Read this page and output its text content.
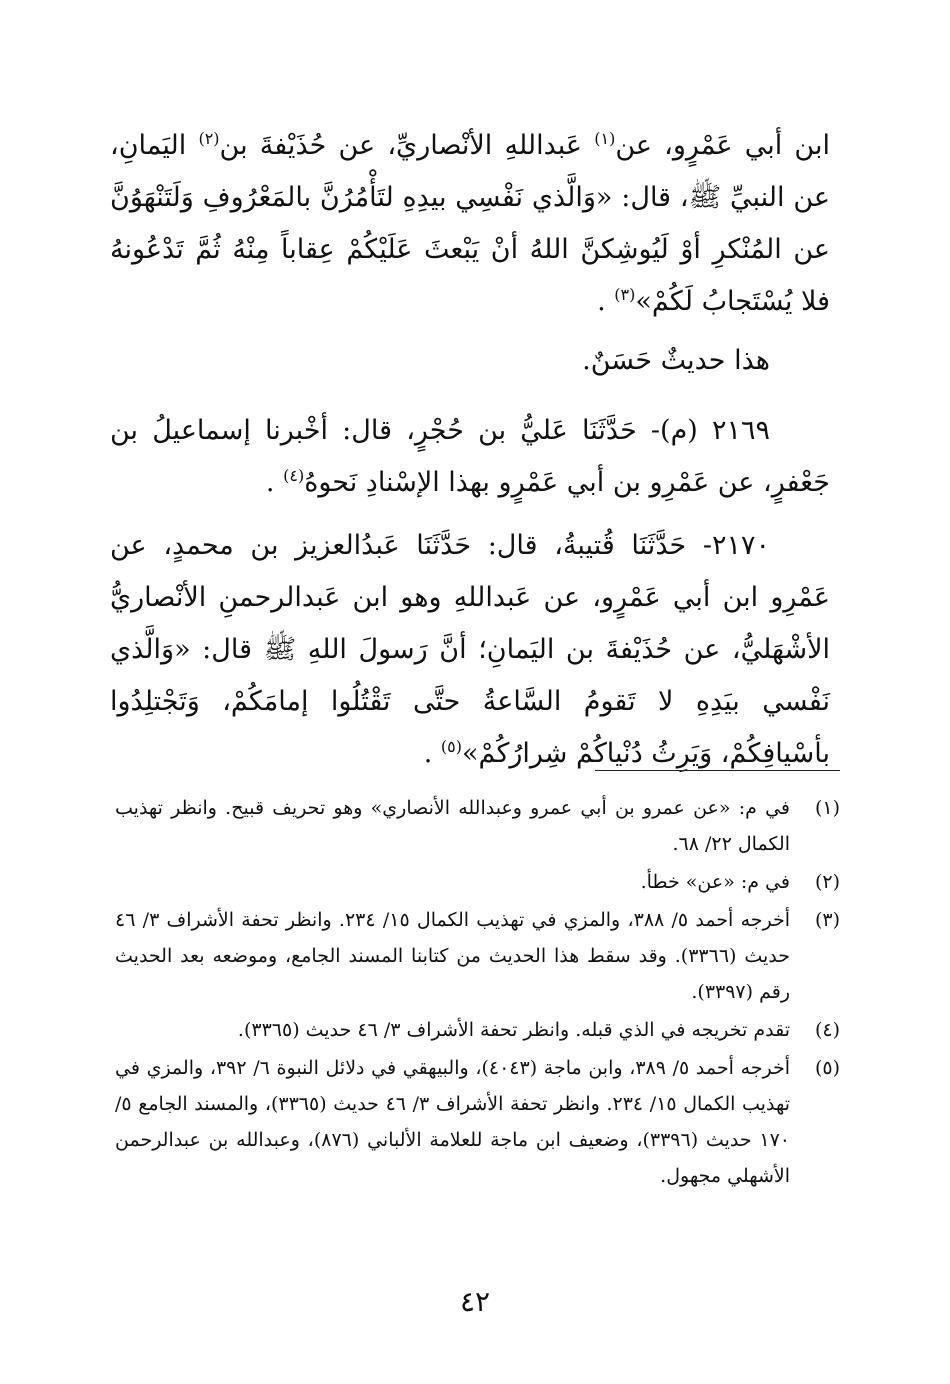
ابن أبي عَمْرٍو، عن$^{(١)}$ عَبداللهِ الأنْصاريِّ، عن حُذَيْفةَ بن$^{(٢)}$ اليَمانِ، عن النبيِّ ﷺ، قال: «وَالَّذي نَفْسِي بيدِهِ لتَأْمُرُنَّ بالمَعْرُوفِ وَلَتَنْهَوُنَّ عن المُنْكرِ أوْ لَيُوشِكنَّ اللهُ أنْ يَبْعثَ عَلَيْكُمْ عِقاباً مِنْهُ ثُمَّ تَدْعُونهُ فلا يُسْتَجابُ لَكُمْ»$^{(٣)}$ .
هذا حديثٌ حَسَنٌ.
٢١٦٩ (م)- حَدَّثَنَا عَليُّ بن حُجْرٍ، قال: أخْبرنا إسماعيلُ بن جَعْفرٍ، عن عَمْرِو بن أبي عَمْرٍو بهذا الإسْنادِ نَحوهُ$^{(٤)}$ .
٢١٧٠- حَدَّثَنَا قُتيبةُ، قال: حَدَّثَنَا عَبدُالعزيز بن محمدٍ، عن عَمْرِو ابن أبي عَمْرٍو، عن عَبداللهِ وهو ابن عَبدالرحمنِ الأنْصاريُّ الأشْهَليُّ، عن حُذَيْفةَ بن اليَمانِ؛ أنَّ رَسولَ اللهِ ﷺ قال: «وَالَّذي نَفْسي بيَدِهِ لا تَقومُ السَّاعةُ حتَّى تَقْتُلُوا إمامَكُمْ، وَتَجْتلِدُوا بأسْيافِكُمْ، وَيَرِثُ دُنْياكُمْ شِرارُكُمْ»$^{(٥)}$ .
(١)
في م: «عن عمرو بن أبي عمرو وعبدالله الأنصاري» وهو تحريف قبيح. وانظر تهذيب الكمال ٢٢/ ٦٨.
(٢)
في م: «عن» خطأ.
(٣)
أخرجه أحمد ٥/ ٣٨٨، والمزي في تهذيب الكمال ١٥/ ٢٣٤. وانظر تحفة الأشراف ٣/ ٤٦ حديث (٣٣٦٦). وقد سقط هذا الحديث من كتابنا المسند الجامع، وموضعه بعد الحديث رقم (٣٣٩٧).
(٤)
تقدم تخريجه في الذي قبله. وانظر تحفة الأشراف ٣/ ٤٦ حديث (٣٣٦٥).
(٥)
أخرجه أحمد ٥/ ٣٨٩، وابن ماجة (٤٠٤٣)، والبيهقي في دلائل النبوة ٦/ ٣٩٢، والمزي في تهذيب الكمال ١٥/ ٢٣٤. وانظر تحفة الأشراف ٣/ ٤٦ حديث (٣٣٦٥)، والمسند الجامع ٥/ ١٧٠ حديث (٣٣٩٦)، وضعيف ابن ماجة للعلامة الألباني (٨٧٦)، وعبدالله بن عبدالرحمن الأشهلي مجهول.
٤٢
